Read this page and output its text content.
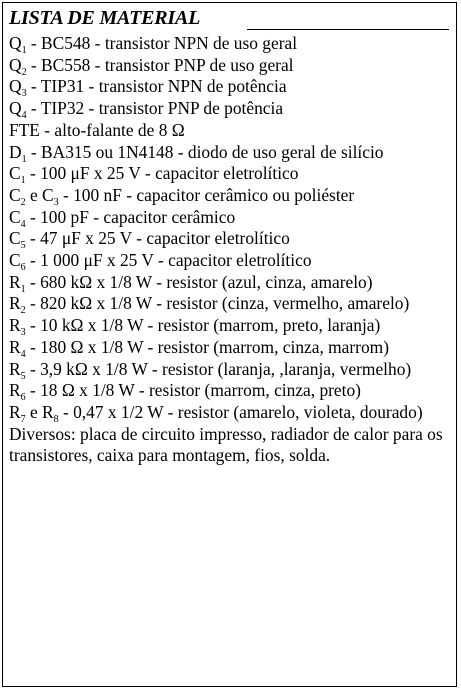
LISTA DE MATERIAL

$Q_1 - BC548$ - transistor NPN de uso geral

$Q_2 - BC558$ - transistor PNP de uso geral

$Q_3 - TIP31$ - transistor NPN de potência

$Q_4 - TIP32$ - transistor PNP de potência

FTE - alto-falante de 8 Ω

$D_1 - BA315$ ou 1N4148 - diodo de uso geral de silício

$C_1 - 100$ μF x 25 V - capacitor eletrolítico

$C_2$ e $C_3 - 100$ nF - capacitor cerâmico ou poliéster

$C_4 - 100$ pF - capacitor cerâmico

$C_5 - 47$ μF x 25 V - capacitor eletrolítico

$C_6 - 1$ 000 μF x 25 V - capacitor eletrolítico

$R_1 - 680$ kΩ x 1/8 W - resistor (azul, cinza, amarelo)

$R_2 - 820$ kΩ x 1/8 W - resistor (cinza, vermelho, amarelo)

$R_3 - 10$ kΩ x 1/8 W - resistor (marrom, preto, laranja)

$R_4 - 180$ Ω x 1/8 W - resistor (marrom, cinza, marrom)

$R_5 - 3,9$ kΩ x 1/8 W - resistor (laranja, ,laranja, vermelho)

$R_6 - 18$ Ω x 1/8 W - resistor (marrom, cinza, preto)

$R_7$ e $R_8 - 0,47$ x 1/2 W - resistor (amarelo, violeta, dourado)

Diversos: placa de circuito impresso, radiador de calor para os transistores, caixa para montagem, fios, solda.
